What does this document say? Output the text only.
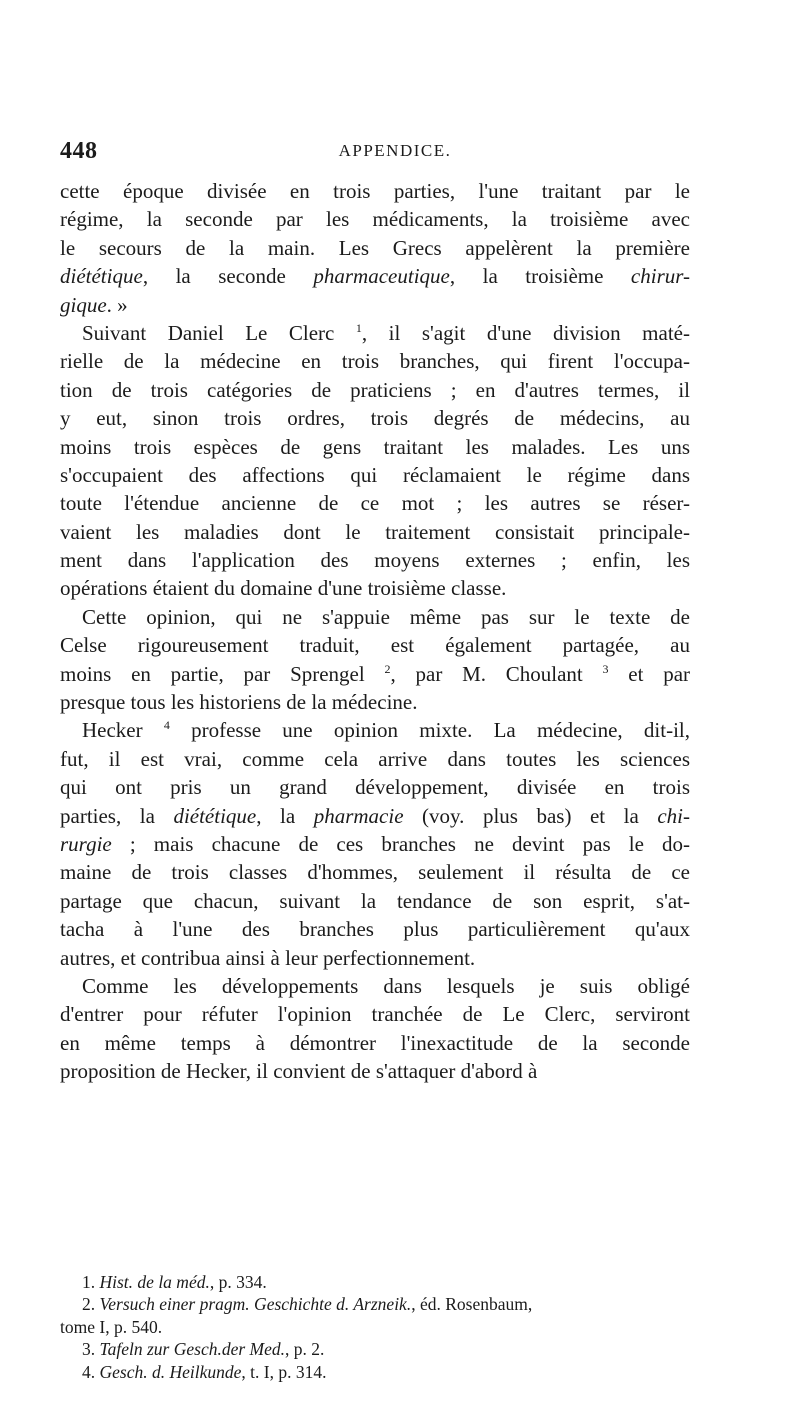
448	APPENDICE.
cette époque divisée en trois parties, l'une traitant par le
régime, la seconde par les médicaments, la troisième avec
le secours de la main. Les Grecs appelèrent la première
diététique, la seconde pharmaceutique, la troisième chirur-
gique. »
Suivant Daniel Le Clerc $^1$, il s'agit d'une division maté-
rielle de la médecine en trois branches, qui firent l'occupa-
tion de trois catégories de praticiens ; en d'autres termes, il
y eut, sinon trois ordres, trois degrés de médecins, au
moins trois espèces de gens traitant les malades. Les uns
s'occupaient des affections qui réclamaient le régime dans
toute l'étendue ancienne de ce mot ; les autres se réser-
vaient les maladies dont le traitement consistait principale-
ment dans l'application des moyens externes ; enfin, les
opérations étaient du domaine d'une troisième classe.
Cette opinion, qui ne s'appuie même pas sur le texte de
Celse rigoureusement traduit, est également partagée, au
moins en partie, par Sprengel $^2$, par M. Choulant $^3$ et par
presque tous les historiens de la médecine.
Hecker $^4$ professe une opinion mixte. La médecine, dit-il,
fut, il est vrai, comme cela arrive dans toutes les sciences
qui ont pris un grand développement, divisée en trois
parties, la diététique, la pharmacie (voy. plus bas) et la chi-
rurgie ; mais chacune de ces branches ne devint pas le do-
maine de trois classes d'hommes, seulement il résulta de ce
partage que chacun, suivant la tendance de son esprit, s'at-
tacha à l'une des branches plus particulièrement qu'aux
autres, et contribua ainsi à leur perfectionnement.
Comme les développements dans lesquels je suis obligé
d'entrer pour réfuter l'opinion tranchée de Le Clerc, serviront
en même temps à démontrer l'inexactitude de la seconde
proposition de Hecker, il convient de s'attaquer d'abord à
1. Hist. de la méd., p. 334.
2. Versuch einer pragm. Geschichte d. Arzneik., éd. Rosenbaum,
tome I, p. 540.
3. Tafeln zur Gesch.der Med., p. 2.
4. Gesch. d. Heilkunde, t. I, p. 314.
